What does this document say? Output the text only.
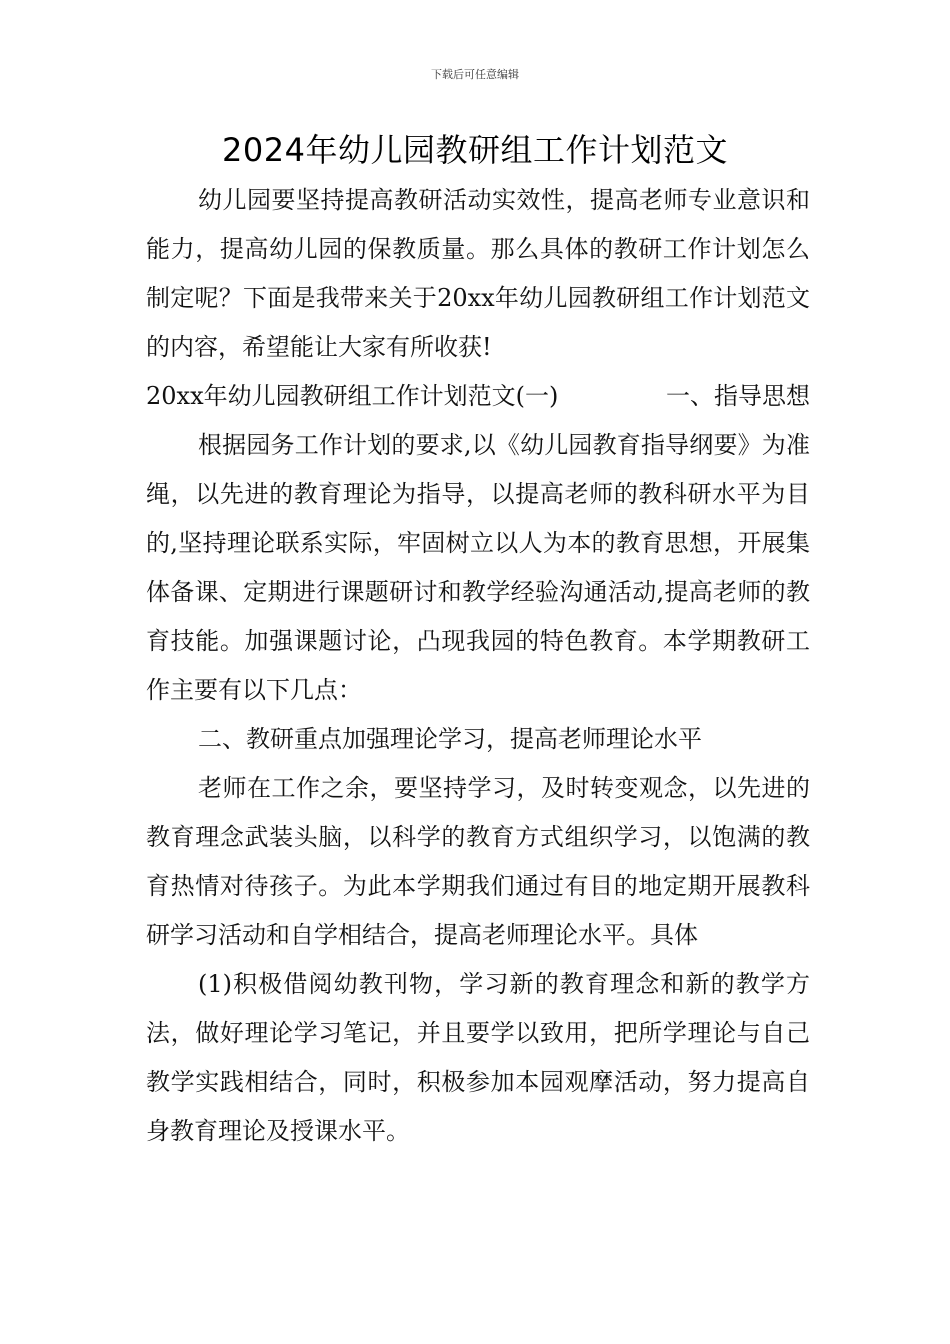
下载后可任意编辑
2024年幼儿园教研组工作计划范文

幼儿园要坚持提高教研活动实效性，提高老师专业意识和能力，提高幼儿园的保教质量。那么具体的教研工作计划怎么制定呢？下面是我带来关于20xx年幼儿园教研组工作计划范文的内容，希望能让大家有所收获!

20xx年幼儿园教研组工作计划范文(一)	一、指导思想

根据园务工作计划的要求,以《幼儿园教育指导纲要》为准绳，以先进的教育理论为指导，以提高老师的教科研水平为目的,坚持理论联系实际，牢固树立以人为本的教育思想，开展集体备课、定期进行课题研讨和教学经验沟通活动,提高老师的教育技能。加强课题讨论，凸现我园的特色教育。本学期教研工作主要有以下几点：

二、教研重点加强理论学习，提高老师理论水平

老师在工作之余，要坚持学习，及时转变观念，以先进的教育理念武装头脑，以科学的教育方式组织学习，以饱满的教育热情对待孩子。为此本学期我们通过有目的地定期开展教科研学习活动和自学相结合，提高老师理论水平。具体

(1)积极借阅幼教刊物，学习新的教育理念和新的教学方法，做好理论学习笔记，并且要学以致用，把所学理论与自己教学实践相结合，同时，积极参加本园观摩活动，努力提高自身教育理论及授课水平。
